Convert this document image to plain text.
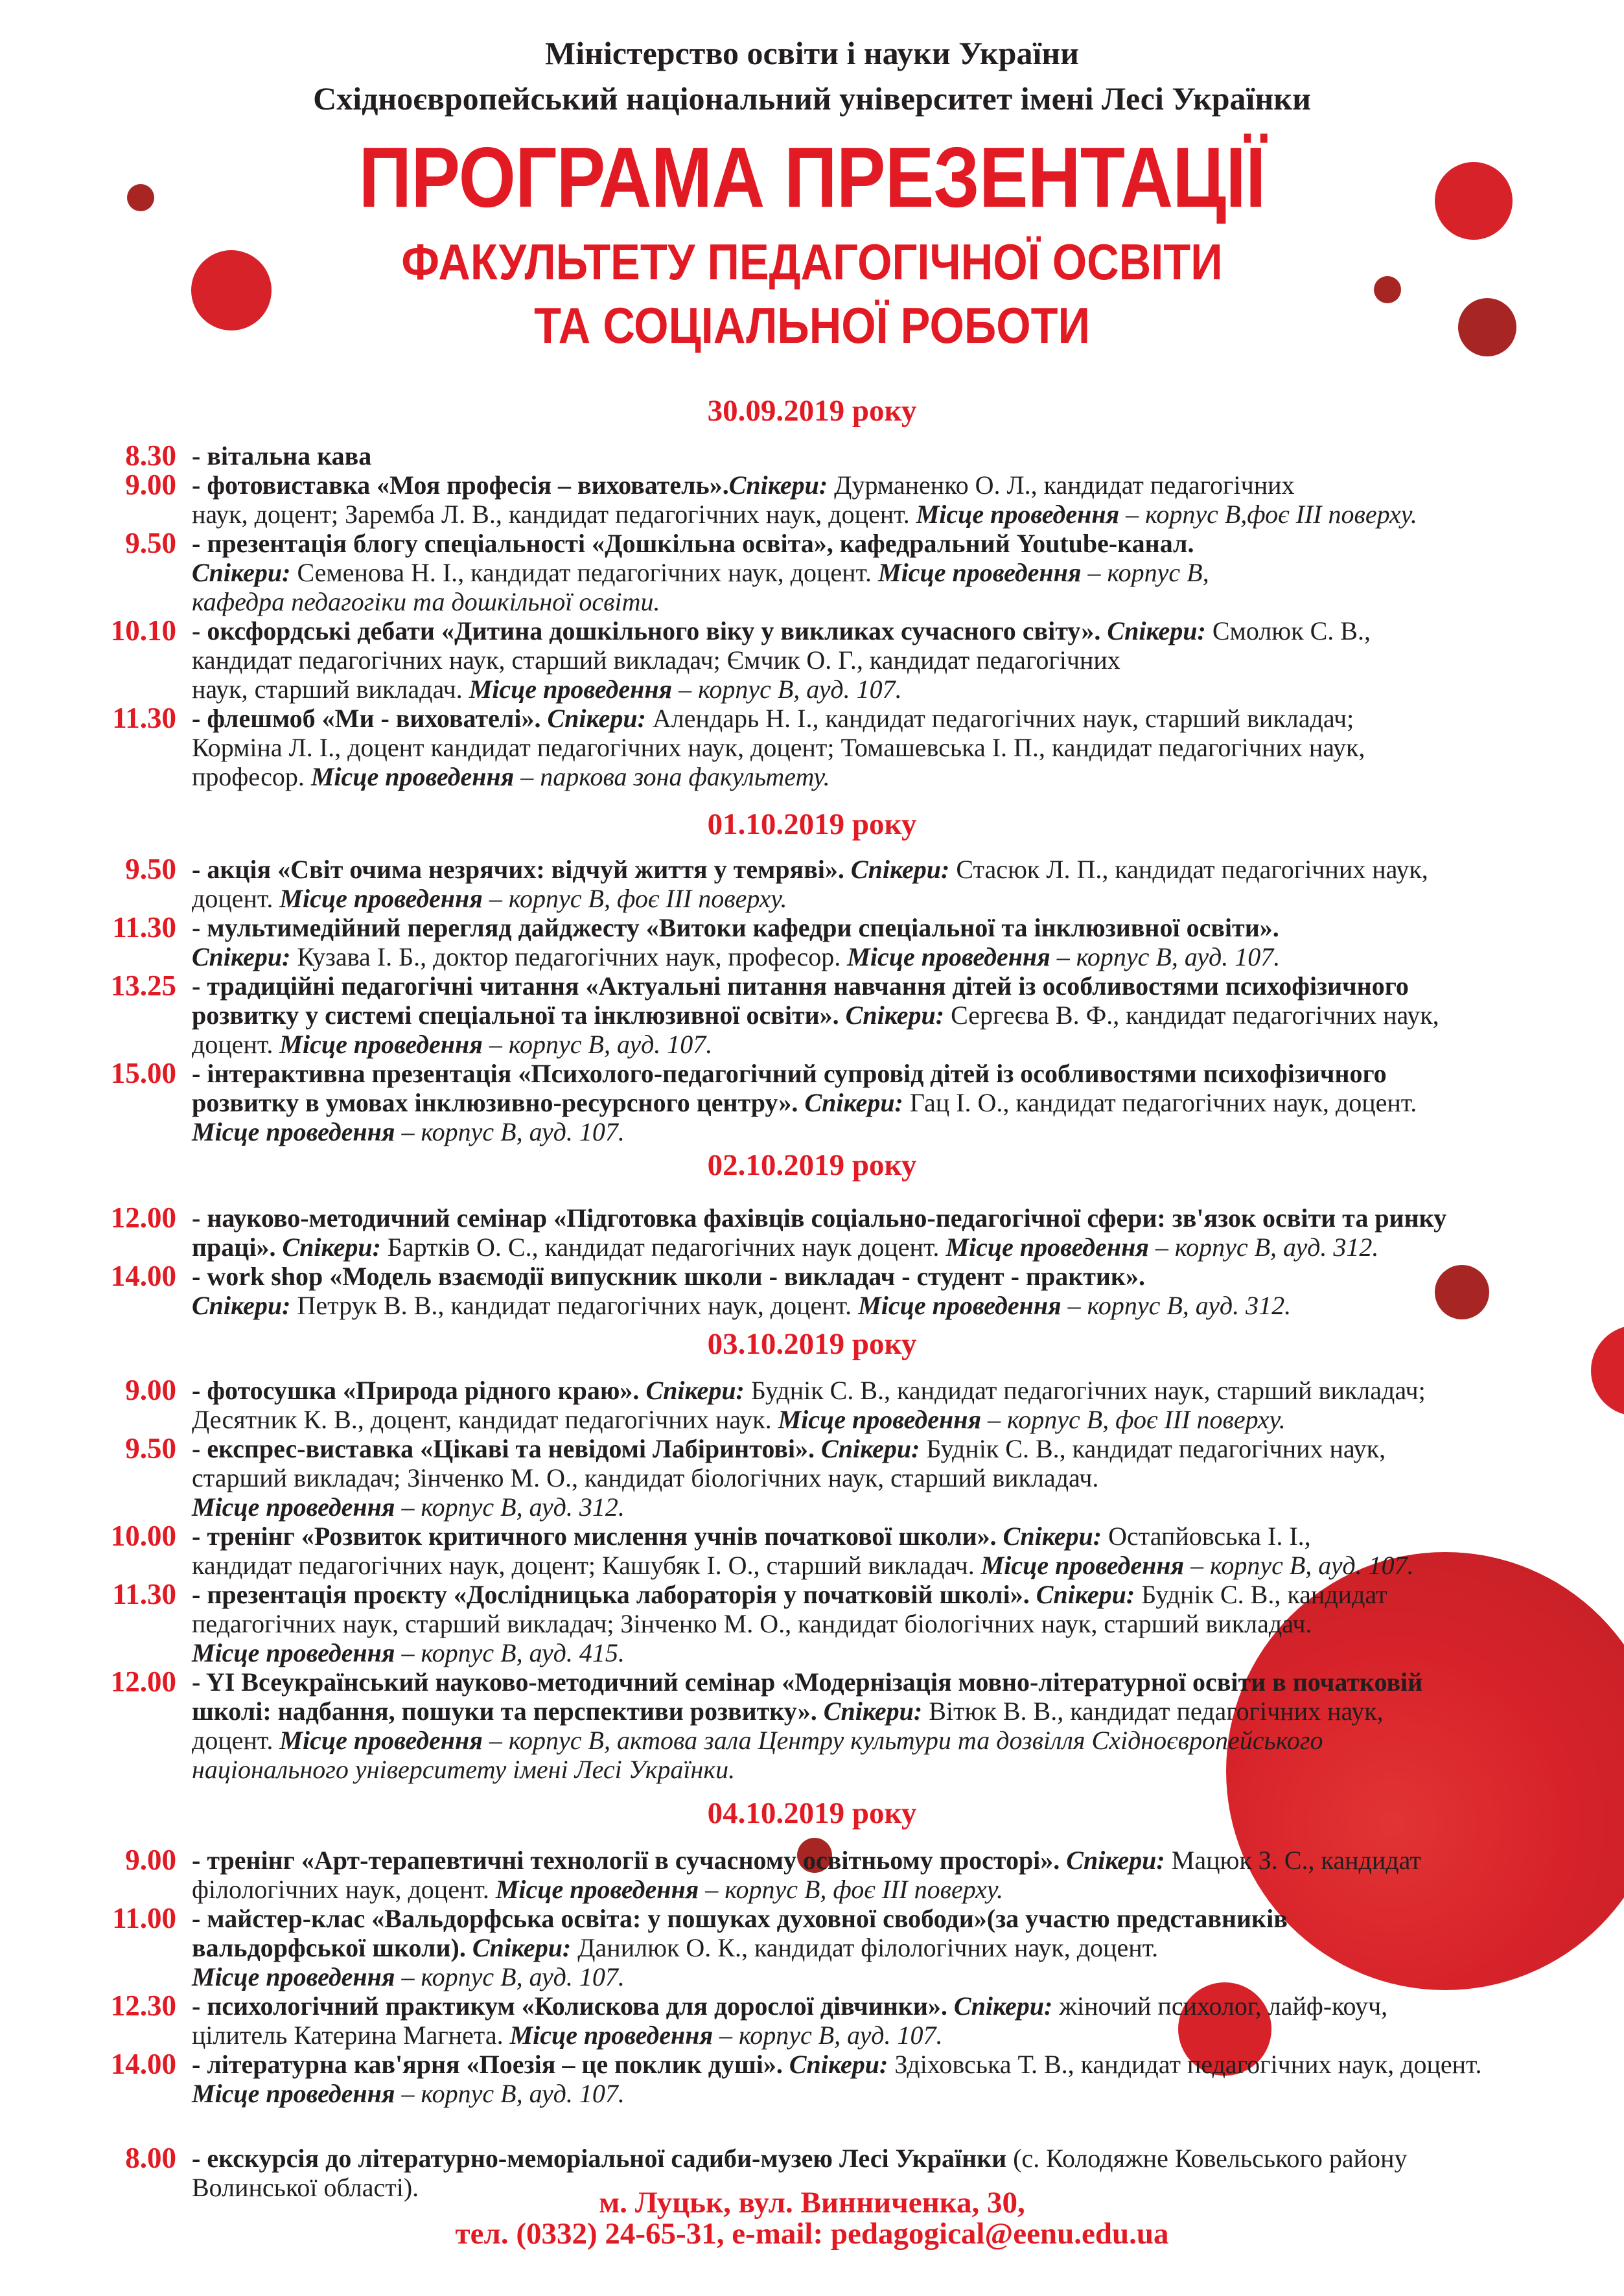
Міністерство освіти і науки України
Східноєвропейський національний університет імені Лесі Українки
ПРОГРАМА ПРЕЗЕНТАЦІЇ
ФАКУЛЬТЕТУ ПЕДАГОГІЧНОЇ ОСВІТИ
ТА СОЦІАЛЬНОЇ РОБОТИ
30.09.2019 року
8.30 - вітальна кава
9.00 - фотовиставка «Моя професія – вихователь».Спікери: Дурманенко О. Л., кандидат педагогічних
наук, доцент; Заремба Л. В., кандидат педагогічних наук, доцент. Місце проведення – корпус В,фоє ІІІ поверху.
9.50 - презентація блогу спеціальності «Дошкільна освіта», кафедральний Youtube-канал.
Спікери: Семенова Н. І., кандидат педагогічних наук, доцент. Місце проведення – корпус В,
кафедра педагогіки та дошкільної освіти.
10.10 - оксфордські дебати «Дитина дошкільного віку у викликах сучасного світу». Спікери: Смолюк С. В.,
кандидат педагогічних наук, старший викладач; Ємчик О. Г., кандидат педагогічних
наук, старший викладач. Місце проведення – корпус В, ауд. 107.
11.30 - флешмоб «Ми - вихователі». Спікери: Алендарь Н. І., кандидат педагогічних наук, старший викладач;
Корміна Л. І., доцент кандидат педагогічних наук, доцент; Томашевська І. П., кандидат педагогічних наук,
професор. Місце проведення – паркова зона факультету.
01.10.2019 року
9.50 - акція «Світ очима незрячих: відчуй життя у темряві». Спікери: Стасюк Л. П., кандидат педагогічних наук,
доцент. Місце проведення – корпус В, фоє ІІІ поверху.
11.30 - мультимедійний перегляд дайджесту «Витоки кафедри спеціальної та інклюзивної освіти».
Спікери: Кузава І. Б., доктор педагогічних наук, професор. Місце проведення – корпус В, ауд. 107.
13.25 - традиційні педагогічні читання «Актуальні питання навчання дітей із особливостями психофізичного
розвитку у системі спеціальної та інклюзивної освіти». Спікери: Сергеєва В. Ф., кандидат педагогічних наук,
доцент. Місце проведення – корпус В, ауд. 107.
15.00 - інтерактивна презентація «Психолого-педагогічний супровід дітей із особливостями психофізичного
розвитку в умовах інклюзивно-ресурсного центру». Спікери: Гац І. О., кандидат педагогічних наук, доцент.
Місце проведення – корпус В, ауд. 107.
02.10.2019 року
12.00 - науково-методичний семінар «Підготовка фахівців соціально-педагогічної сфери: зв'язок освіти та ринку
праці». Спікери: Бартків О. С., кандидат педагогічних наук доцент. Місце проведення – корпус В, ауд. 312.
14.00 - work shop «Модель взаємодії випускник школи - викладач - студент - практик».
Спікери: Петрук В. В., кандидат педагогічних наук, доцент. Місце проведення – корпус В, ауд. 312.
03.10.2019 року
9.00 - фотосушка «Природа рідного краю». Спікери: Буднік С. В., кандидат педагогічних наук, старший викладач;
Десятник К. В., доцент, кандидат педагогічних наук. Місце проведення – корпус В, фоє ІІІ поверху.
9.50 - експрес-виставка «Цікаві та невідомі Лабіринтові». Спікери: Буднік С. В., кандидат педагогічних наук,
старший викладач; Зінченко М. О., кандидат біологічних наук, старший викладач.
Місце проведення – корпус В, ауд. 312.
10.00 - тренінг «Розвиток критичного мислення учнів початкової школи». Спікери: Остапйовська І. І.,
кандидат педагогічних наук, доцент; Кашубяк І. О., старший викладач. Місце проведення – корпус В, ауд. 107.
11.30 - презентація проєкту «Дослідницька лабораторія у початковій школі». Спікери: Буднік С. В., кандидат
педагогічних наук, старший викладач; Зінченко М. О., кандидат біологічних наук, старший викладач.
Місце проведення – корпус В, ауд. 415.
12.00 - YI Всеукраїнський науково-методичний семінар «Модернізація мовно-літературної освіти в початковій
школі: надбання, пошуки та перспективи розвитку». Спікери: Вітюк В. В., кандидат педагогічних наук,
доцент. Місце проведення – корпус В, актова зала Центру культури та дозвілля Східноєвропейського
національного університету імені Лесі Українки.
04.10.2019 року
9.00 - тренінг «Арт-терапевтичні технології в сучасному освітньому просторі». Спікери: Мацюк З. С., кандидат
філологічних наук, доцент. Місце проведення – корпус В, фоє ІІІ поверху.
11.00 - майстер-клас «Вальдорфська освіта: у пошуках духовної свободи»(за участю представників
вальдорфської школи). Спікери: Данилюк О. К., кандидат філологічних наук, доцент.
Місце проведення – корпус В, ауд. 107.
12.30 - психологічний практикум «Колискова для дорослої дівчинки». Спікери: жіночий психолог, лайф-коуч,
цілитель Катерина Магнета. Місце проведення – корпус В, ауд. 107.
14.00 - літературна кав'ярня «Поезія – це поклик душі». Спікери: Здіховська Т. В., кандидат педагогічних наук, доцент.
Місце проведення – корпус В, ауд. 107.
8.00 - екскурсія до літературно-меморіальної садиби-музею Лесі Українки (с. Колодяжне Ковельського району
Волинської області).	м. Луцьк, вул. Винниченка, 30,
тел. (0332) 24-65-31, e-mail: pedagogical@eenu.edu.ua
